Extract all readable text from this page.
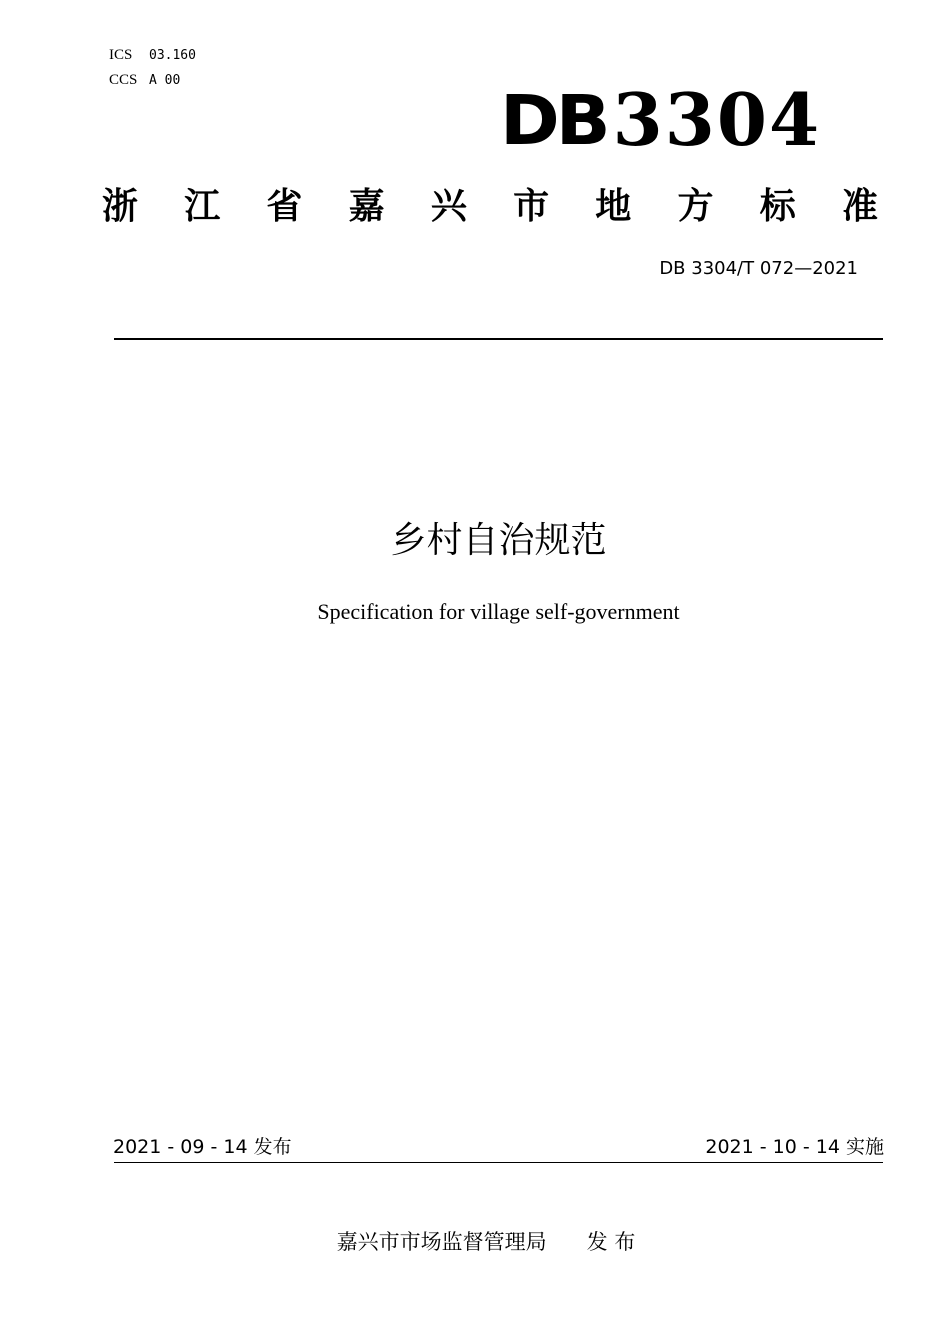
ICS 03.160
CCS A 00	DB3304
浙 江 省 嘉 兴 市 地 方 标 准
DB 3304/T 072—2021
乡村自治规范
Specification for village self-government
2021 - 09 - 14 发布	2021 - 10 - 14 实施
嘉兴市市场监督管理局 发 布
